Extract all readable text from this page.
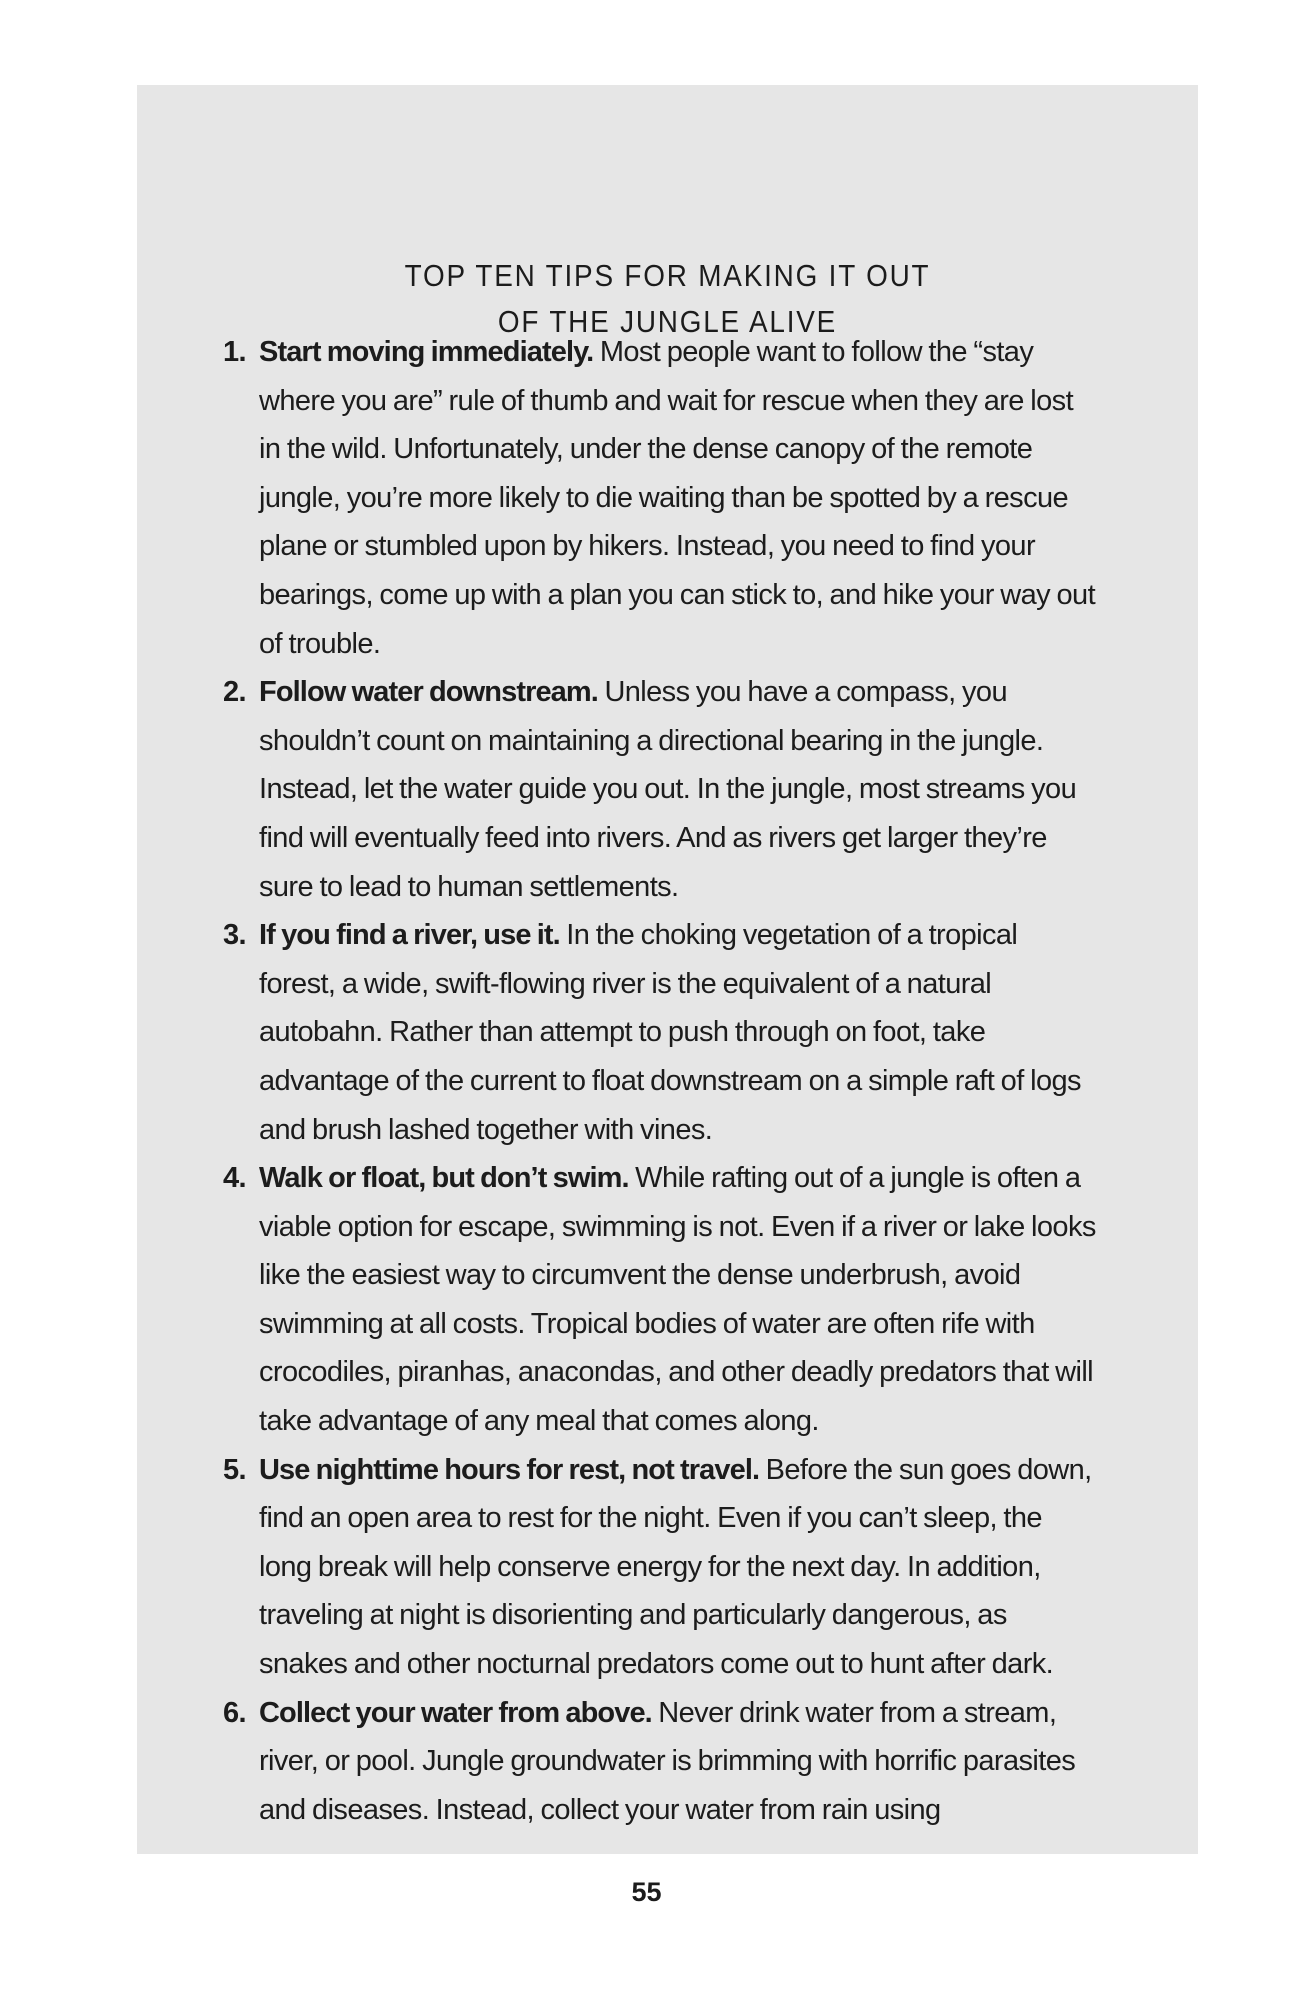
TOP TEN TIPS FOR MAKING IT OUT
OF THE JUNGLE ALIVE
1. Start moving immediately. Most people want to follow the “stay where you are” rule of thumb and wait for rescue when they are lost in the wild. Unfortunately, under the dense canopy of the remote jungle, you’re more likely to die waiting than be spotted by a rescue plane or stumbled upon by hikers. Instead, you need to find your bearings, come up with a plan you can stick to, and hike your way out of trouble.
2. Follow water downstream. Unless you have a compass, you shouldn’t count on maintaining a directional bearing in the jungle. Instead, let the water guide you out. In the jungle, most streams you find will eventually feed into rivers. And as rivers get larger they’re sure to lead to human settlements.
3. If you find a river, use it. In the choking vegetation of a tropical forest, a wide, swift-flowing river is the equivalent of a natural autobahn. Rather than attempt to push through on foot, take advantage of the current to float downstream on a simple raft of logs and brush lashed together with vines.
4. Walk or float, but don’t swim. While rafting out of a jungle is often a viable option for escape, swimming is not. Even if a river or lake looks like the easiest way to circumvent the dense underbrush, avoid swimming at all costs. Tropical bodies of water are often rife with crocodiles, piranhas, anacondas, and other deadly predators that will take advantage of any meal that comes along.
5. Use nighttime hours for rest, not travel. Before the sun goes down, find an open area to rest for the night. Even if you can’t sleep, the long break will help conserve energy for the next day. In addition, traveling at night is disorienting and particularly dangerous, as snakes and other nocturnal predators come out to hunt after dark.
6. Collect your water from above. Never drink water from a stream, river, or pool. Jungle groundwater is brimming with horrific parasites and diseases. Instead, collect your water from rain using
55
